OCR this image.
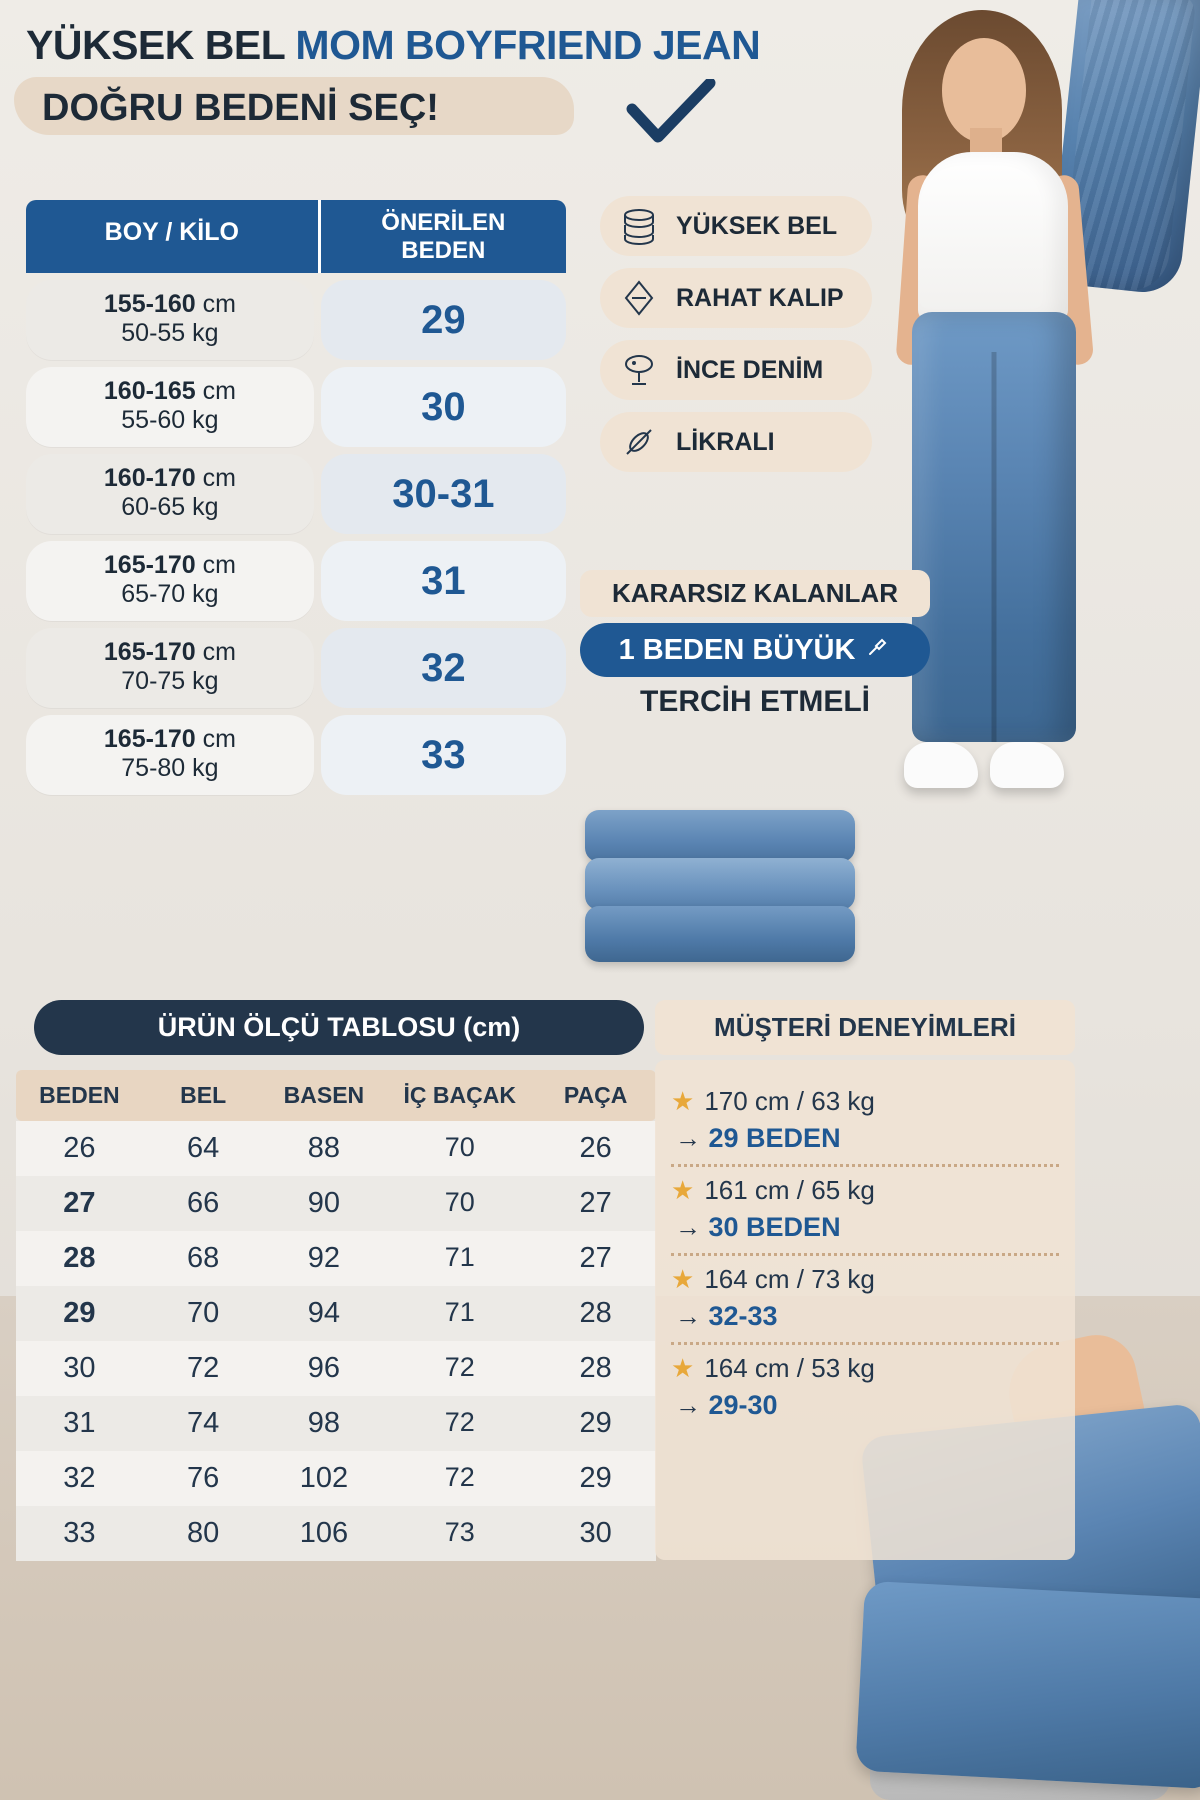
YÜKSEK BEL MOM BOYFRIEND JEAN
DOĞRU BEDENİ SEÇ!
BOY / KİLO	ÖNERİLEN
BEDEN
155-160 cm
50-55 kg	29
160-165 cm
55-60 kg	30
160-170 cm
60-65 kg	30-31
165-170 cm
65-70 kg	31
165-170 cm
70-75 kg	32
165-170 cm
75-80 kg	33
YÜKSEK BEL
RAHAT KALIP
İNCE DENİM
LİKRALI
KARARSIZ KALANLAR
1 BEDEN BÜYÜK
TERCİH ETMELİ
ÜRÜN ÖLÇÜ TABLOSU (cm)
BEDEN	BEL	BASEN	İÇ BAÇAK	PAÇA
26	64	88	70	26
27	66	90	70	27
28	68	92	71	27
29	70	94	71	28
30	72	96	72	28
31	74	98	72	29
32	76	102	72	29
33	80	106	73	30
MÜŞTERİ DENEYİMLERİ
★ 170 cm / 63 kg
→ 29 BEDEN
★ 161 cm / 65 kg
→ 30 BEDEN
★ 164 cm / 73 kg
→ 32-33
★ 164 cm / 53 kg
→ 29-30
